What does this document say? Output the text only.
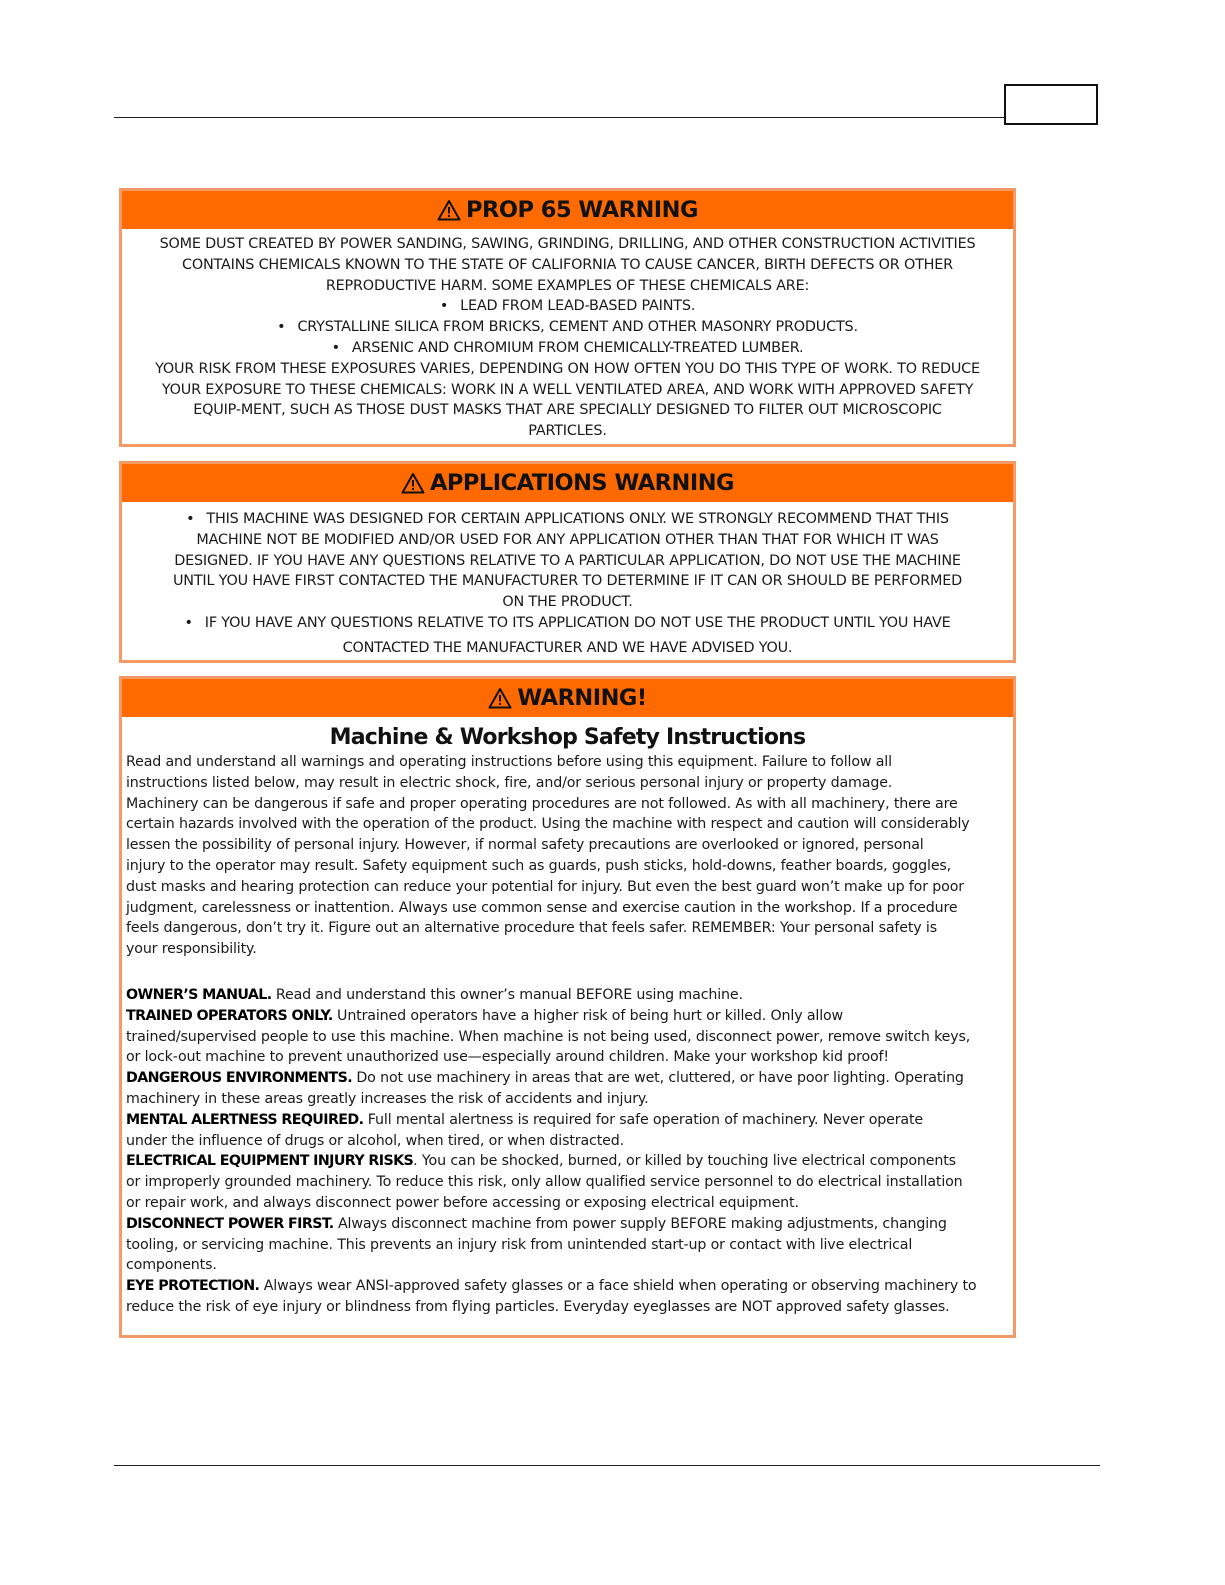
PROP 65 WARNING
SOME DUST CREATED BY POWER SANDING, SAWING, GRINDING, DRILLING, AND OTHER CONSTRUCTION ACTIVITIES
CONTAINS CHEMICALS KNOWN TO THE STATE OF CALIFORNIA TO CAUSE CANCER, BIRTH DEFECTS OR OTHER
REPRODUCTIVE HARM. SOME EXAMPLES OF THESE CHEMICALS ARE:
• LEAD FROM LEAD-BASED PAINTS.
• CRYSTALLINE SILICA FROM BRICKS, CEMENT AND OTHER MASONRY PRODUCTS.
• ARSENIC AND CHROMIUM FROM CHEMICALLY-TREATED LUMBER.
YOUR RISK FROM THESE EXPOSURES VARIES, DEPENDING ON HOW OFTEN YOU DO THIS TYPE OF WORK. TO REDUCE
YOUR EXPOSURE TO THESE CHEMICALS: WORK IN A WELL VENTILATED AREA, AND WORK WITH APPROVED SAFETY
EQUIP-MENT, SUCH AS THOSE DUST MASKS THAT ARE SPECIALLY DESIGNED TO FILTER OUT MICROSCOPIC
PARTICLES.
APPLICATIONS WARNING
• THIS MACHINE WAS DESIGNED FOR CERTAIN APPLICATIONS ONLY. WE STRONGLY RECOMMEND THAT THIS
MACHINE NOT BE MODIFIED AND/OR USED FOR ANY APPLICATION OTHER THAN THAT FOR WHICH IT WAS
DESIGNED. IF YOU HAVE ANY QUESTIONS RELATIVE TO A PARTICULAR APPLICATION, DO NOT USE THE MACHINE
UNTIL YOU HAVE FIRST CONTACTED THE MANUFACTURER TO DETERMINE IF IT CAN OR SHOULD BE PERFORMED
ON THE PRODUCT.
• IF YOU HAVE ANY QUESTIONS RELATIVE TO ITS APPLICATION DO NOT USE THE PRODUCT UNTIL YOU HAVE
CONTACTED THE MANUFACTURER AND WE HAVE ADVISED YOU.
WARNING!
Machine & Workshop Safety Instructions
Read and understand all warnings and operating instructions before using this equipment. Failure to follow all
instructions listed below, may result in electric shock, fire, and/or serious personal injury or property damage.
Machinery can be dangerous if safe and proper operating procedures are not followed. As with all machinery, there are
certain hazards involved with the operation of the product. Using the machine with respect and caution will considerably
lessen the possibility of personal injury. However, if normal safety precautions are overlooked or ignored, personal
injury to the operator may result. Safety equipment such as guards, push sticks, hold-downs, feather boards, goggles,
dust masks and hearing protection can reduce your potential for injury. But even the best guard won’t make up for poor
judgment, carelessness or inattention. Always use common sense and exercise caution in the workshop. If a procedure
feels dangerous, don’t try it. Figure out an alternative procedure that feels safer. REMEMBER: Your personal safety is
your responsibility.
OWNER’S MANUAL. Read and understand this owner’s manual BEFORE using machine.
TRAINED OPERATORS ONLY. Untrained operators have a higher risk of being hurt or killed. Only allow
trained/supervised people to use this machine. When machine is not being used, disconnect power, remove switch keys,
or lock-out machine to prevent unauthorized use—especially around children. Make your workshop kid proof!
DANGEROUS ENVIRONMENTS. Do not use machinery in areas that are wet, cluttered, or have poor lighting. Operating
machinery in these areas greatly increases the risk of accidents and injury.
MENTAL ALERTNESS REQUIRED. Full mental alertness is required for safe operation of machinery. Never operate
under the influence of drugs or alcohol, when tired, or when distracted.
ELECTRICAL EQUIPMENT INJURY RISKS. You can be shocked, burned, or killed by touching live electrical components
or improperly grounded machinery. To reduce this risk, only allow qualified service personnel to do electrical installation
or repair work, and always disconnect power before accessing or exposing electrical equipment.
DISCONNECT POWER FIRST. Always disconnect machine from power supply BEFORE making adjustments, changing
tooling, or servicing machine. This prevents an injury risk from unintended start-up or contact with live electrical
components.
EYE PROTECTION. Always wear ANSI-approved safety glasses or a face shield when operating or observing machinery to
reduce the risk of eye injury or blindness from flying particles. Everyday eyeglasses are NOT approved safety glasses.
